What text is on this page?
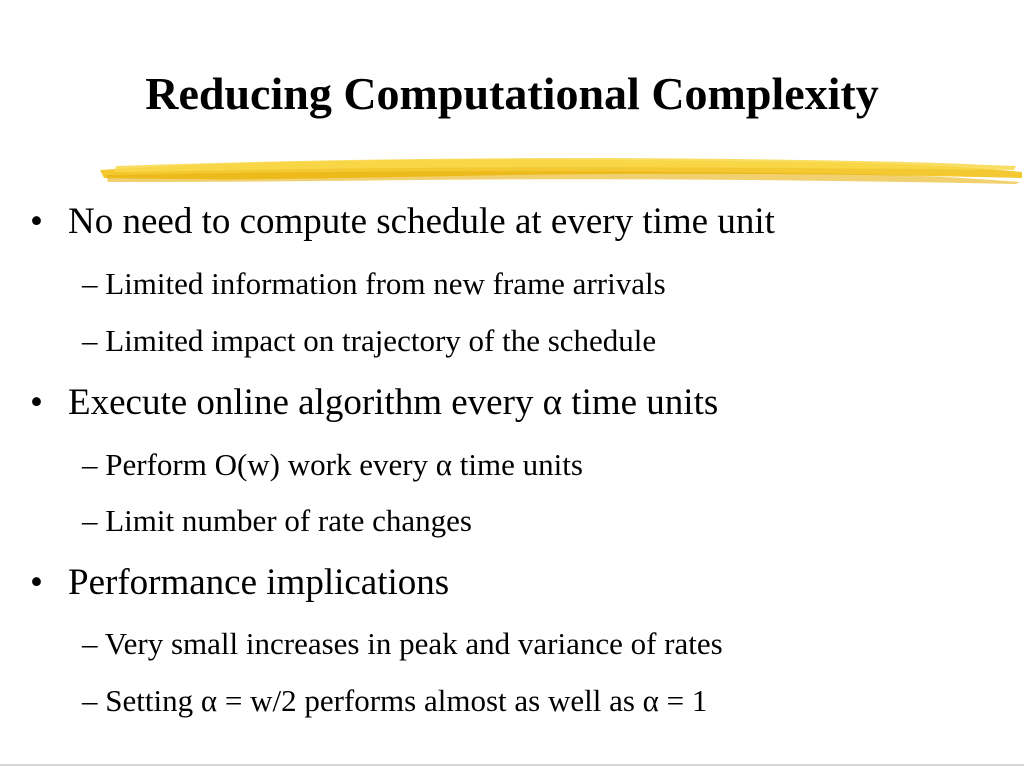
Reducing Computational Complexity
• No need to compute schedule at every time unit
– Limited information from new frame arrivals
– Limited impact on trajectory of the schedule
• Execute online algorithm every α time units
– Perform O(w) work every α time units
– Limit number of rate changes
• Performance implications
– Very small increases in peak and variance of rates
– Setting α = w/2 performs almost as well as α = 1
